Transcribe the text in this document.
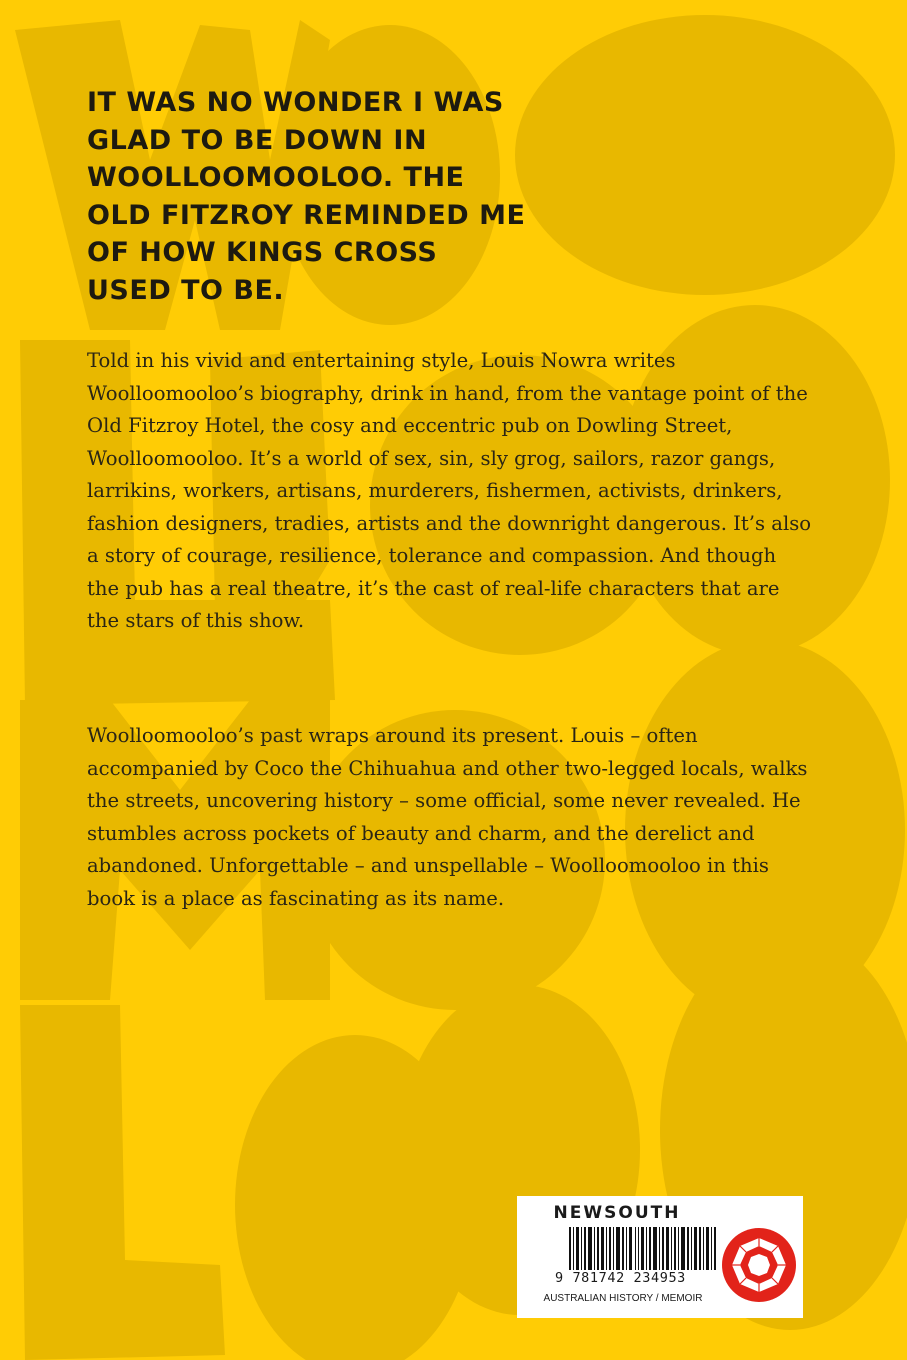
IT WAS NO WONDER I WAS GLAD TO BE DOWN IN WOOLLOOMOOLOO. THE OLD FITZROY REMINDED ME OF HOW KINGS CROSS USED TO BE.
Told in his vivid and entertaining style, Louis Nowra writes Woolloomooloo’s biography, drink in hand, from the vantage point of the Old Fitzroy Hotel, the cosy and eccentric pub on Dowling Street, Woolloomooloo. It’s a world of sex, sin, sly grog, sailors, razor gangs, larrikins, workers, artisans, murderers, fishermen, activists, drinkers, fashion designers, tradies, artists and the downright dangerous. It’s also a story of courage, resilience, tolerance and compassion. And though the pub has a real theatre, it’s the cast of real-life characters that are the stars of this show.
Woolloomooloo’s past wraps around its present. Louis – often accompanied by Coco the Chihuahua and other two-legged locals, walks the streets, uncovering history – some official, some never revealed. He stumbles across pockets of beauty and charm, and the derelict and abandoned. Unforgettable – and unspellable – Woolloomooloo in this book is a place as fascinating as its name.
NEWSOUTH
9 781742 234953
AUSTRALIAN HISTORY / MEMOIR
